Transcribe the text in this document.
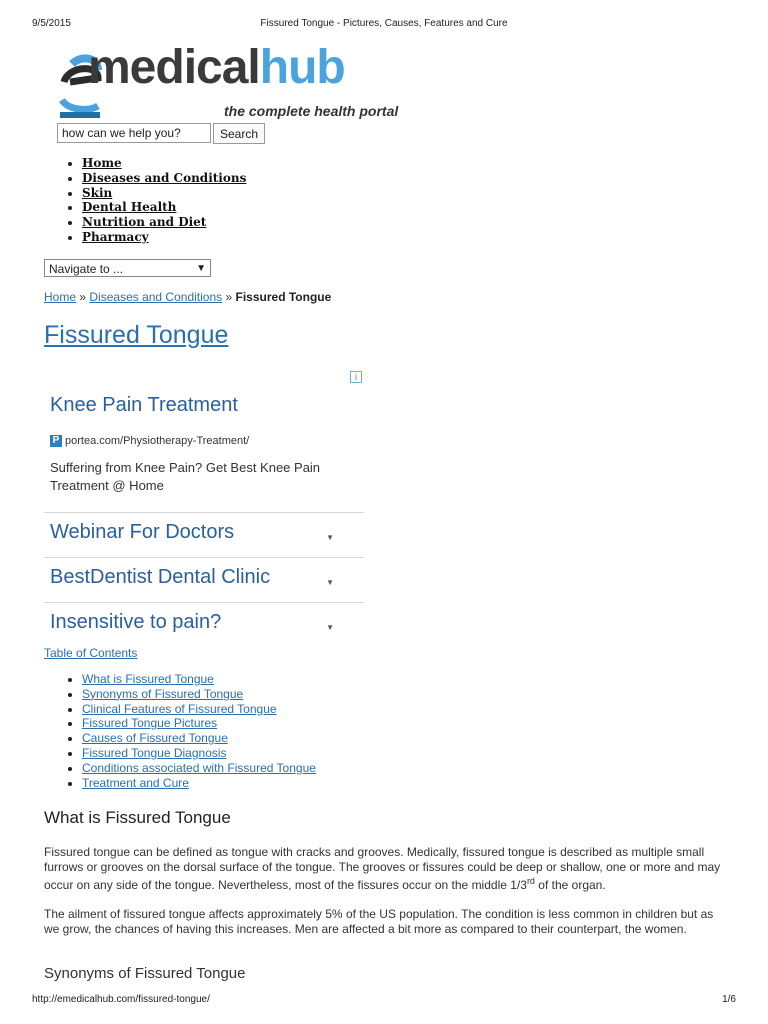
9/5/2015	Fissured Tongue - Pictures, Causes, Features and Cure
medicalhub
the complete health portal
how can we help you?Search
• Home
• Diseases and Conditions
• Skin
• Dental Health
• Nutrition and Diet
• Pharmacy
Navigate to ...	▼
Home » Diseases and Conditions » Fissured Tongue
Fissured Tongue
i
Knee Pain Treatment
P portea.com/Physiotherapy-Treatment/
Suffering from Knee Pain? Get Best Knee Pain Treatment @ Home
Webinar For Doctors	▼
BestDentist Dental Clinic	▼
Insensitive to pain?	▼
Table of Contents
• What is Fissured Tongue
• Synonyms of Fissured Tongue
• Clinical Features of Fissured Tongue
• Fissured Tongue Pictures
• Causes of Fissured Tongue
• Fissured Tongue Diagnosis
• Conditions associated with Fissured Tongue
• Treatment and Cure
What is Fissured Tongue
Fissured tongue can be defined as tongue with cracks and grooves. Medically, fissured tongue is described as multiple small furrows or grooves on the dorsal surface of the tongue. The grooves or fissures could be deep or shallow, one or more and may occur on any side of the tongue. Nevertheless, most of the fissures occur on the middle 1/3rd of the organ.
The ailment of fissured tongue affects approximately 5% of the US population. The condition is less common in children but as we grow, the chances of having this increases. Men are affected a bit more as compared to their counterpart, the women.
Synonyms of Fissured Tongue
http://emedicalhub.com/fissured-tongue/	1/6
